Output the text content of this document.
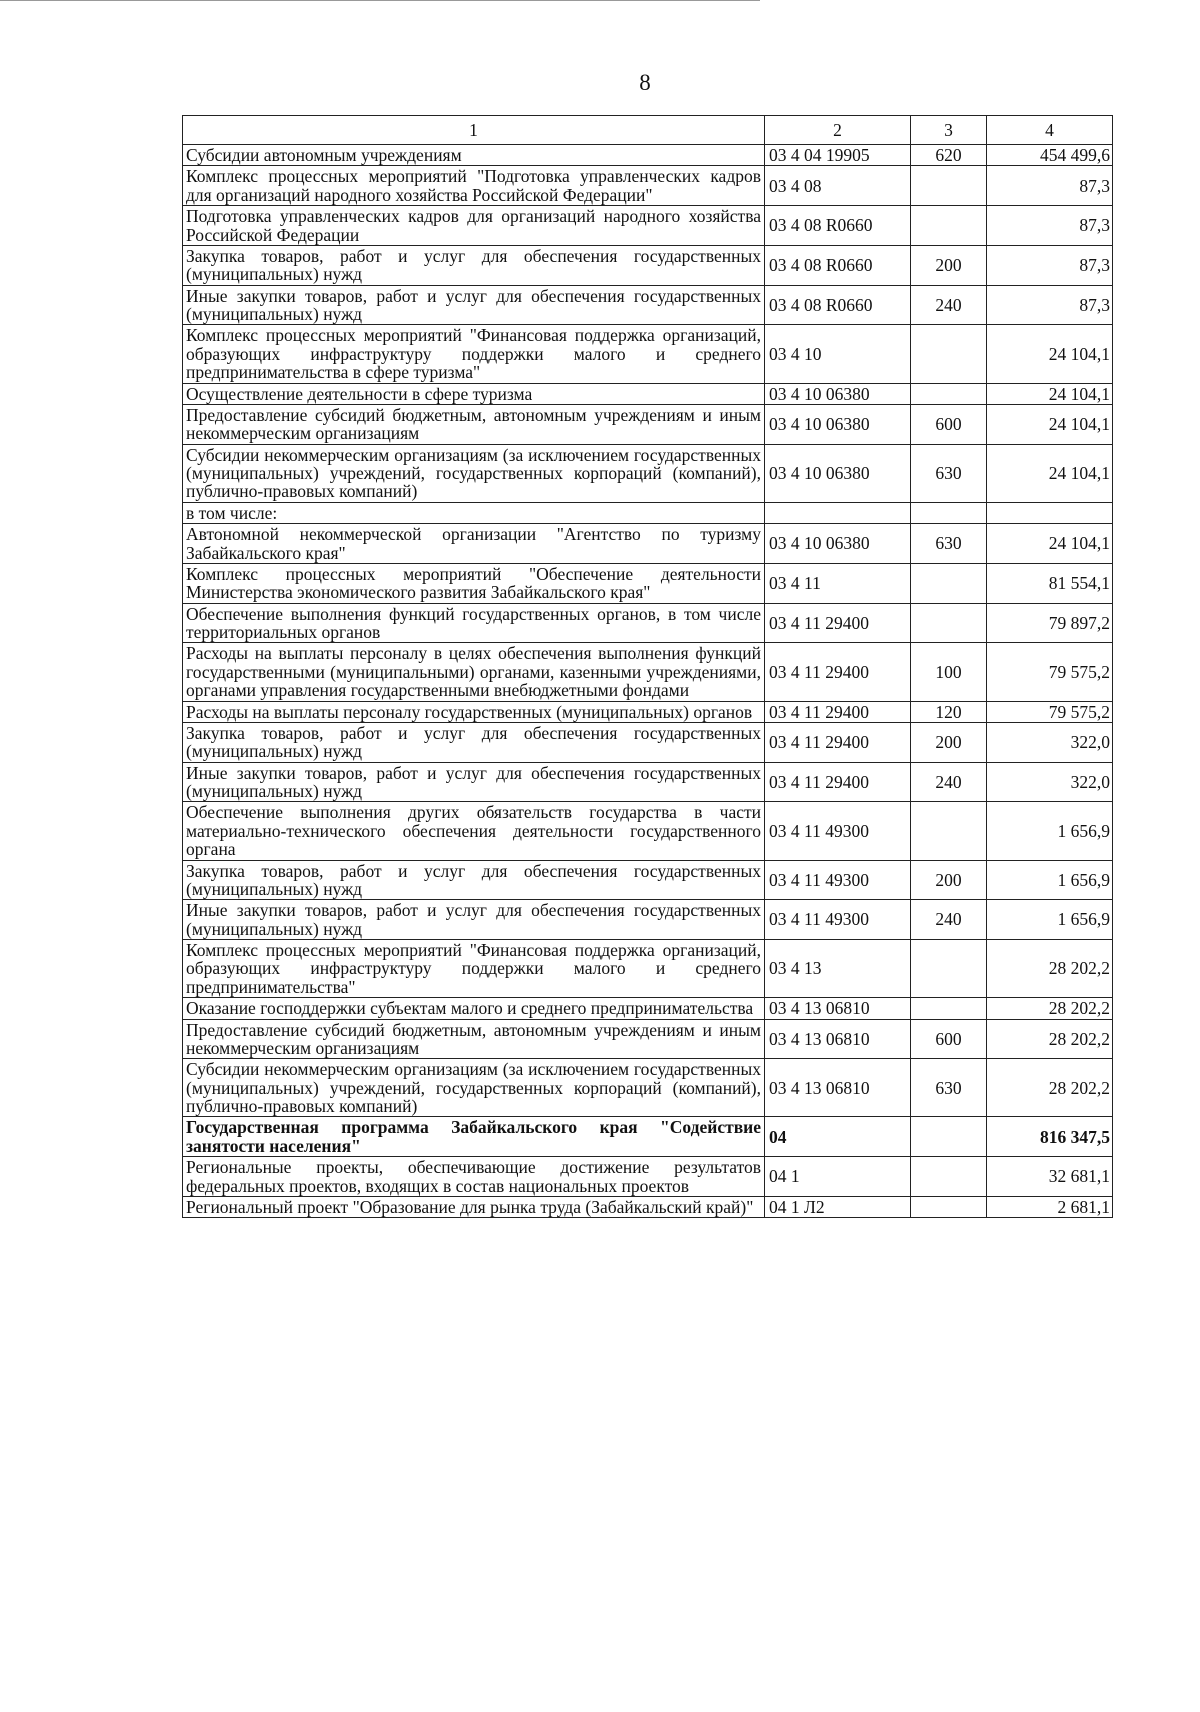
8
1	2	3	4
Субсидии автономным учреждениям	03 4 04 19905	620	454 499,6
Комплекс процессных мероприятий "Подготовка управленческих кадров для организаций народного хозяйства Российской Федерации"	03 4 08		87,3
Подготовка управленческих кадров для организаций народного хозяйства Российской Федерации	03 4 08 R0660		87,3
Закупка товаров, работ и услуг для обеспечения государственных (муниципальных) нужд	03 4 08 R0660	200	87,3
Иные закупки товаров, работ и услуг для обеспечения государственных (муниципальных) нужд	03 4 08 R0660	240	87,3
Комплекс процессных мероприятий "Финансовая поддержка организаций, образующих инфраструктуру поддержки малого и среднего предпринимательства в сфере туризма"	03 4 10		24 104,1
Осуществление деятельности в сфере туризма	03 4 10 06380		24 104,1
Предоставление субсидий бюджетным, автономным учреждениям и иным некоммерческим организациям	03 4 10 06380	600	24 104,1
Субсидии некоммерческим организациям (за исключением государственных (муниципальных) учреждений, государственных корпораций (компаний), публично-правовых компаний)	03 4 10 06380	630	24 104,1
в том числе:			
Автономной некоммерческой организации "Агентство по туризму Забайкальского края"	03 4 10 06380	630	24 104,1
Комплекс процессных мероприятий "Обеспечение деятельности Министерства экономического развития Забайкальского края"	03 4 11		81 554,1
Обеспечение выполнения функций государственных органов, в том числе территориальных органов	03 4 11 29400		79 897,2
Расходы на выплаты персоналу в целях обеспечения выполнения функций государственными (муниципальными) органами, казенными учреждениями, органами управления государственными внебюджетными фондами	03 4 11 29400	100	79 575,2
Расходы на выплаты персоналу государственных (муниципальных) органов	03 4 11 29400	120	79 575,2
Закупка товаров, работ и услуг для обеспечения государственных (муниципальных) нужд	03 4 11 29400	200	322,0
Иные закупки товаров, работ и услуг для обеспечения государственных (муниципальных) нужд	03 4 11 29400	240	322,0
Обеспечение выполнения других обязательств государства в части материально-технического обеспечения деятельности государственного органа	03 4 11 49300		1 656,9
Закупка товаров, работ и услуг для обеспечения государственных (муниципальных) нужд	03 4 11 49300	200	1 656,9
Иные закупки товаров, работ и услуг для обеспечения государственных (муниципальных) нужд	03 4 11 49300	240	1 656,9
Комплекс процессных мероприятий "Финансовая поддержка организаций, образующих инфраструктуру поддержки малого и среднего предпринимательства"	03 4 13		28 202,2
Оказание господдержки субъектам малого и среднего предпринимательства	03 4 13 06810		28 202,2
Предоставление субсидий бюджетным, автономным учреждениям и иным некоммерческим организациям	03 4 13 06810	600	28 202,2
Субсидии некоммерческим организациям (за исключением государственных (муниципальных) учреждений, государственных корпораций (компаний), публично-правовых компаний)	03 4 13 06810	630	28 202,2
Государственная программа Забайкальского края "Содействие занятости населения"	04		816 347,5
Региональные проекты, обеспечивающие достижение результатов федеральных проектов, входящих в состав национальных проектов	04 1		32 681,1
Региональный проект "Образование для рынка труда (Забайкальский край)"	04 1 Л2		2 681,1
